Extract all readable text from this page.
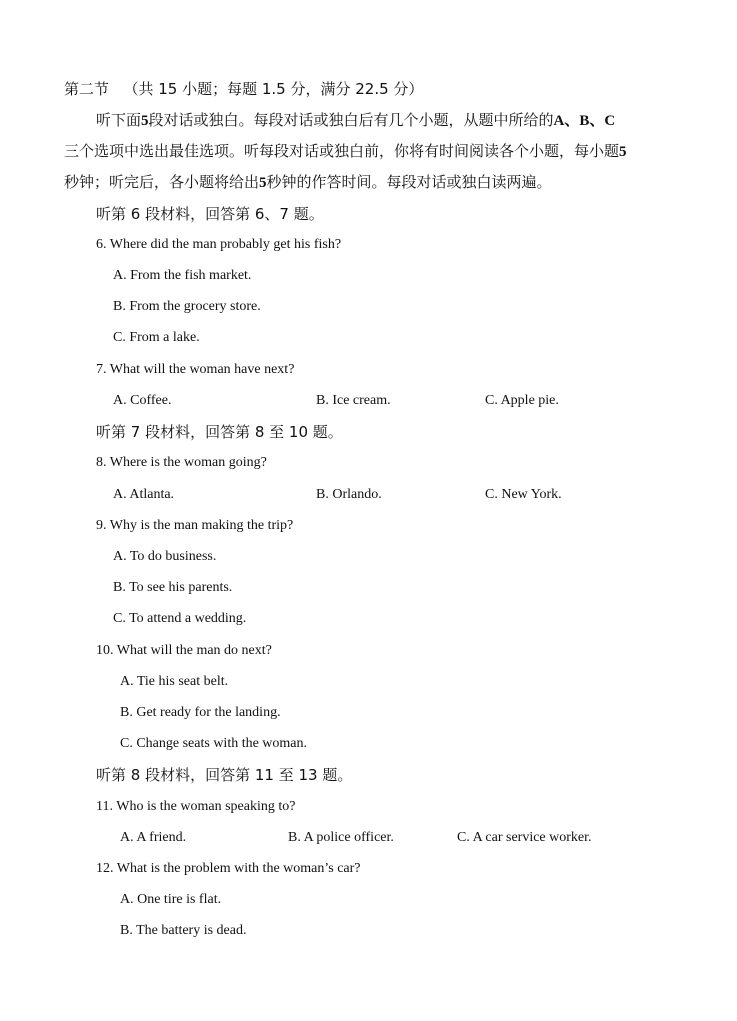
第二节 （共 15 小题；每题 1.5 分，满分 22.5 分）
听下面5段对话或独白。每段对话或独白后有几个小题，从题中所给的A、B、C
三个选项中选出最佳选项。听每段对话或独白前，你将有时间阅读各个小题，每小题5
秒钟；听完后，各小题将给出5秒钟的作答时间。每段对话或独白读两遍。
听第 6 段材料，回答第 6、7 题。
6. Where did the man probably get his fish?
A. From the fish market.
B. From the grocery store.
C. From a lake.
7. What will the woman have next?
A. Coffee.	B. Ice cream.	C. Apple pie.
听第 7 段材料，回答第 8 至 10 题。
8. Where is the woman going?
A. Atlanta.	B. Orlando.	C. New York.
9. Why is the man making the trip?
A. To do business.
B. To see his parents.
C. To attend a wedding.
10. What will the man do next?
A. Tie his seat belt.
B. Get ready for the landing.
C. Change seats with the woman.
听第 8 段材料，回答第 11 至 13 题。
11. Who is the woman speaking to?
A. A friend.	B. A police officer.	C. A car service worker.
12. What is the problem with the woman’s car?
A. One tire is flat.
B. The battery is dead.
